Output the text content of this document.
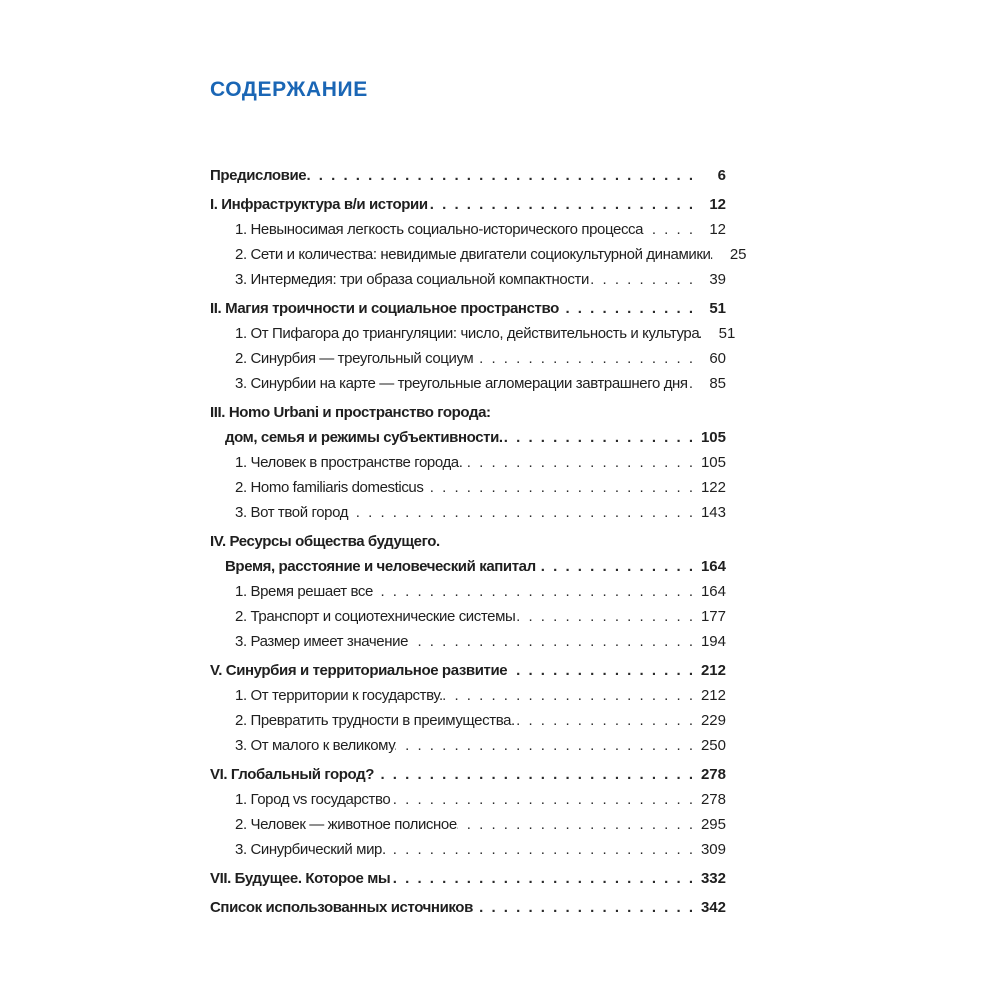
СОДЕРЖАНИЕ
Предисловие . . .	6
I. Инфраструктура в/и истории . . .	12
1. Невыносимая легкость социально-исторического процесса . . .	12
2. Сети и количества: невидимые двигатели социокультурной динамики . . .	25
3. Интермедия: три образа социальной компактности . . .	39
II. Магия троичности и социальное пространство . . .	51
1. От Пифагора до триангуляции: число, действительность и культура . . .	51
2. Синурбия — треугольный социум . . .	60
3. Синурбии на карте — треугольные агломерации завтрашнего дня . . .	85
III. Homo Urbani и пространство города:
дом, семья и режимы субъективности. . . .	105
1. Человек в пространстве города. . . .	105
2. Homo familiaris domesticus . . .	122
3. Вот твой город . . .	143
IV. Ресурсы общества будущего.
Время, расстояние и человеческий капитал . . .	164
1. Время решает все . . .	164
2. Транспорт и социотехнические системы . . .	177
3. Размер имеет значение . . .	194
V. Синурбия и территориальное развитие . . .	212
1. От территории к государству. . . .	212
2. Превратить трудности в преимущества. . . .	229
3. От малого к великому . . .	250
VI. Глобальный город? . . .	278
1. Город vs государство . . .	278
2. Человек — животное полисное . . .	295
3. Синурбический мир. . . .	309
VII. Будущее. Которое мы . . .	332
Список использованных источников . . .	342
